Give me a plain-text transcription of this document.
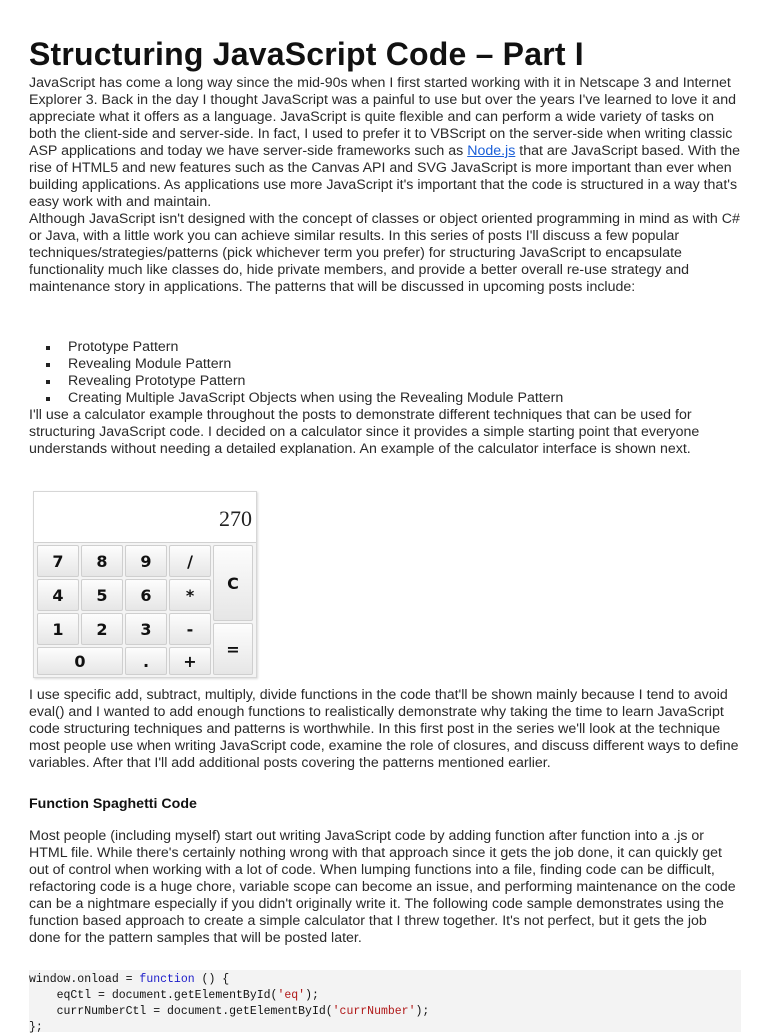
Structuring JavaScript Code – Part I

JavaScript has come a long way since the mid-90s when I first started working with it in Netscape 3 and Internet Explorer 3. Back in the day I thought JavaScript was a painful to use but over the years I've learned to love it and appreciate what it offers as a language. JavaScript is quite flexible and can perform a wide variety of tasks on both the client-side and server-side. In fact, I used to prefer it to VBScript on the server-side when writing classic ASP applications and today we have server-side frameworks such as Node.js that are JavaScript based. With the rise of HTML5 and new features such as the Canvas API and SVG JavaScript is more important than ever when building applications. As applications use more JavaScript it's important that the code is structured in a way that's easy work with and maintain.

Although JavaScript isn't designed with the concept of classes or object oriented programming in mind as with C# or Java, with a little work you can achieve similar results. In this series of posts I'll discuss a few popular techniques/strategies/patterns (pick whichever term you prefer) for structuring JavaScript to encapsulate functionality much like classes do, hide private members, and provide a better overall re-use strategy and maintenance story in applications. The patterns that will be discussed in upcoming posts include:

Prototype Pattern
Revealing Module Pattern
Revealing Prototype Pattern
Creating Multiple JavaScript Objects when using the Revealing Module Pattern

I'll use a calculator example throughout the posts to demonstrate different techniques that can be used for structuring JavaScript code. I decided on a calculator since it provides a simple starting point that everyone understands without needing a detailed explanation. An example of the calculator interface is shown next.

270
7	8	9	/
C
4	5	6	*
1	2	3	-
=
0	.	+

I use specific add, subtract, multiply, divide functions in the code that'll be shown mainly because I tend to avoid eval() and I wanted to add enough functions to realistically demonstrate why taking the time to learn JavaScript code structuring techniques and patterns is worthwhile. In this first post in the series we'll look at the technique most people use when writing JavaScript code, examine the role of closures, and discuss different ways to define variables. After that I'll add additional posts covering the patterns mentioned earlier.

Function Spaghetti Code

Most people (including myself) start out writing JavaScript code by adding function after function into a .js or HTML file. While there's certainly nothing wrong with that approach since it gets the job done, it can quickly get out of control when working with a lot of code. When lumping functions into a file, finding code can be difficult, refactoring code is a huge chore, variable scope can become an issue, and performing maintenance on the code can be a nightmare especially if you didn't originally write it. The following code sample demonstrates using the function based approach to create a simple calculator that I threw together. It's not perfect, but it gets the job done for the pattern samples that will be posted later.

window.onload = function () {
eqCtl = document.getElementById('eq');
currNumberCtl = document.getElementById('currNumber');
};
